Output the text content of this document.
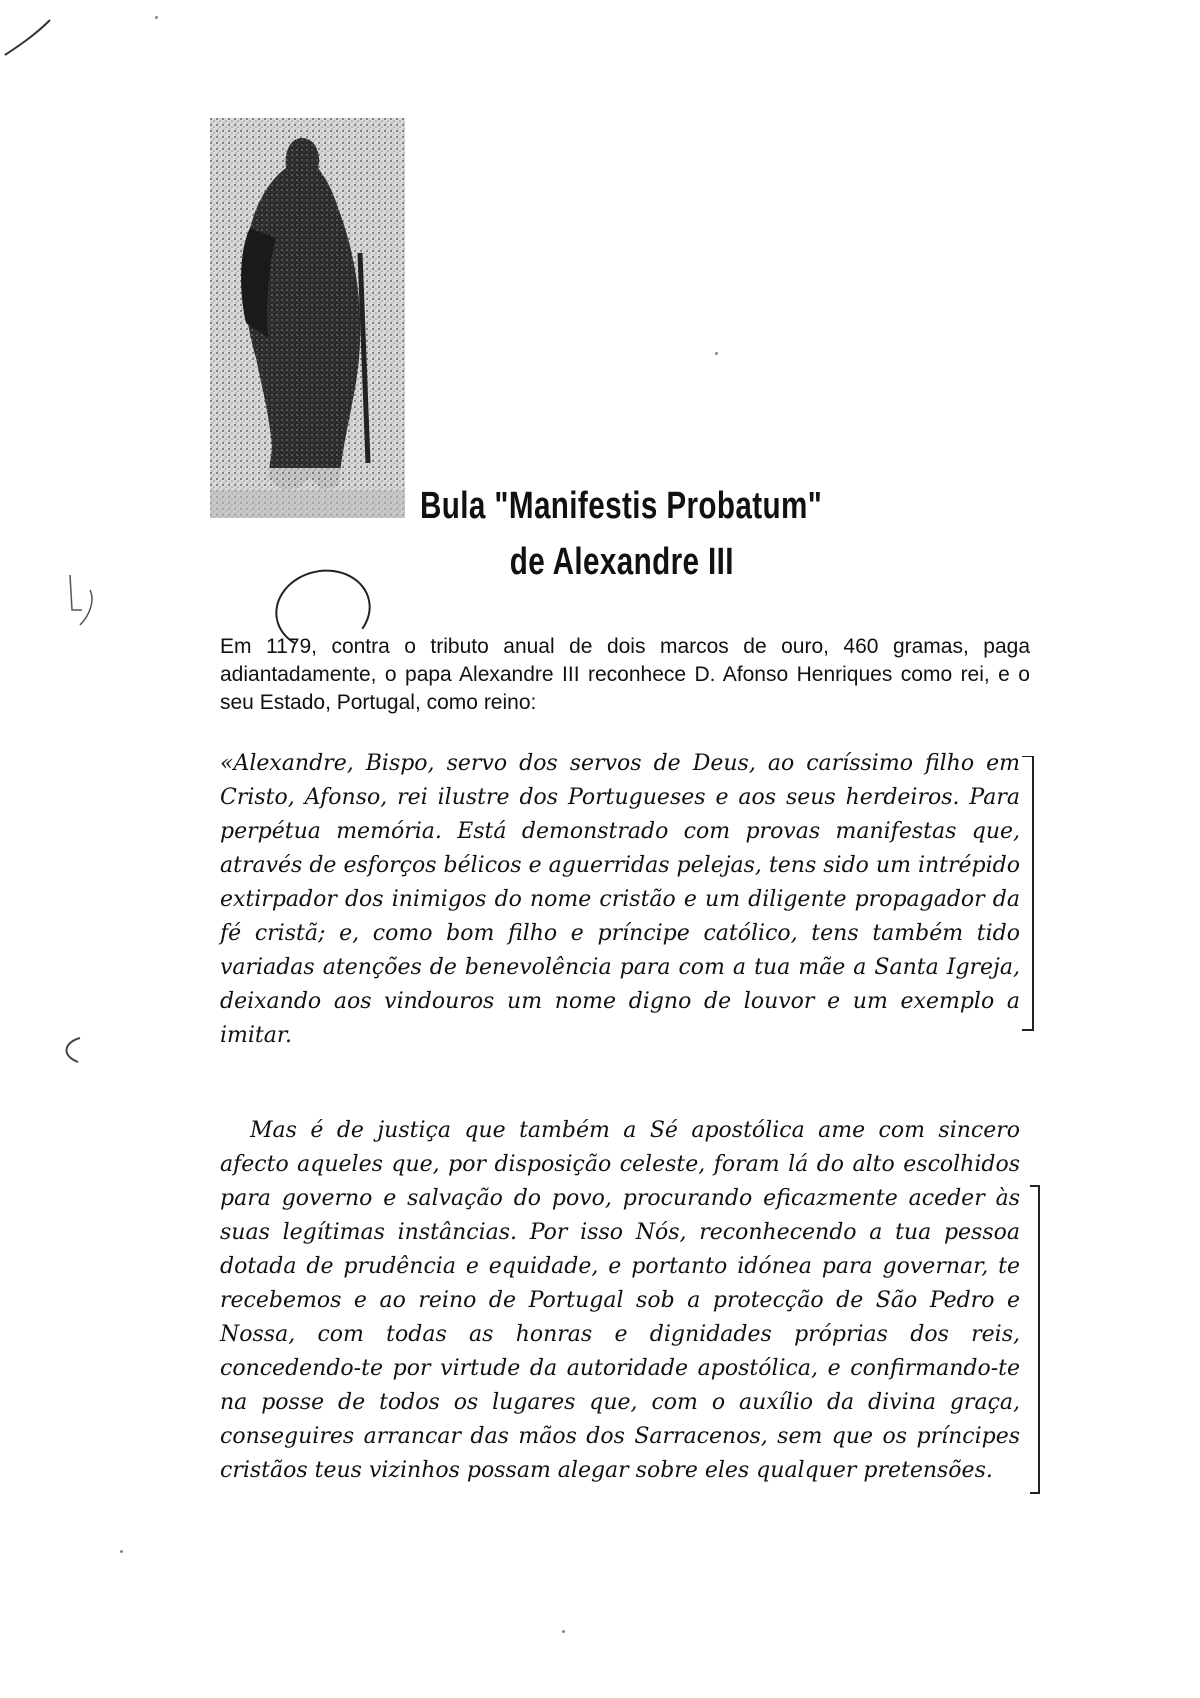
Bula "Manifestis Probatum"
de Alexandre III

Em 1179, contra o tributo anual de dois marcos de ouro, 460 gramas, paga adiantadamente, o papa Alexandre III reconhece D. Afonso Henriques como rei, e o seu Estado, Portugal, como reino:

«Alexandre, Bispo, servo dos servos de Deus, ao caríssimo filho em Cristo, Afonso, rei ilustre dos Portugueses e aos seus herdeiros. Para perpétua memória. Está demonstrado com provas manifestas que, através de esforços bélicos e aguerridas pelejas, tens sido um intrépido extirpador dos inimigos do nome cristão e um diligente propagador da fé cristã; e, como bom filho e príncipe católico, tens também tido variadas atenções de benevolência para com a tua mãe a Santa Igreja, deixando aos vindouros um nome digno de louvor e um exemplo a imitar.

Mas é de justiça que também a Sé apostólica ame com sincero afecto aqueles que, por disposição celeste, foram lá do alto escolhidos para governo e salvação do povo, procurando eficazmente aceder às suas legítimas instâncias. Por isso Nós, reconhecendo a tua pessoa dotada de prudência e equidade, e portanto idónea para governar, te recebemos e ao reino de Portugal sob a protecção de São Pedro e Nossa, com todas as honras e dignidades próprias dos reis, concedendo-te por virtude da autoridade apostólica, e confirmando-te na posse de todos os lugares que, com o auxílio da divina graça, conseguires arrancar das mãos dos Sarracenos, sem que os príncipes cristãos teus vizinhos possam alegar sobre eles qualquer pretensões.
